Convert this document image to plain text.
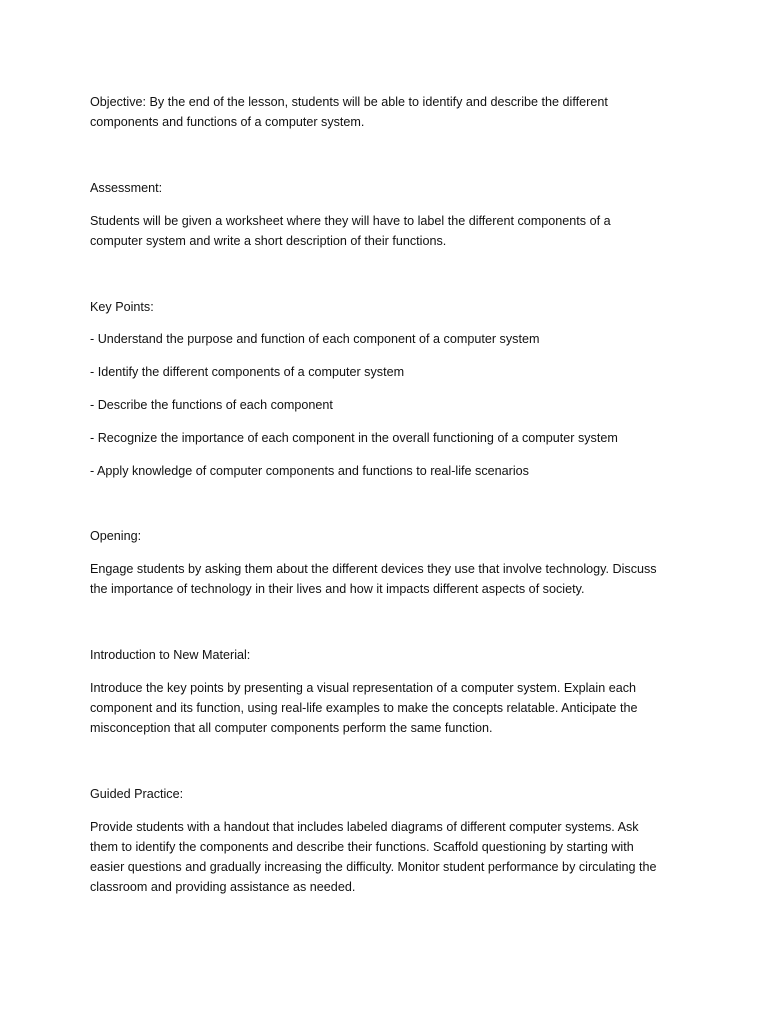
Objective: By the end of the lesson, students will be able to identify and describe the different

components and functions of a computer system.

Assessment:

Students will be given a worksheet where they will have to label the different components of a

computer system and write a short description of their functions.

Key Points:

- Understand the purpose and function of each component of a computer system

- Identify the different components of a computer system

- Describe the functions of each component

- Recognize the importance of each component in the overall functioning of a computer system

- Apply knowledge of computer components and functions to real-life scenarios

Opening:

Engage students by asking them about the different devices they use that involve technology. Discuss

the importance of technology in their lives and how it impacts different aspects of society.

Introduction to New Material:

Introduce the key points by presenting a visual representation of a computer system. Explain each

component and its function, using real-life examples to make the concepts relatable. Anticipate the

misconception that all computer components perform the same function.

Guided Practice:

Provide students with a handout that includes labeled diagrams of different computer systems. Ask

them to identify the components and describe their functions. Scaffold questioning by starting with

easier questions and gradually increasing the difficulty. Monitor student performance by circulating the

classroom and providing assistance as needed.
